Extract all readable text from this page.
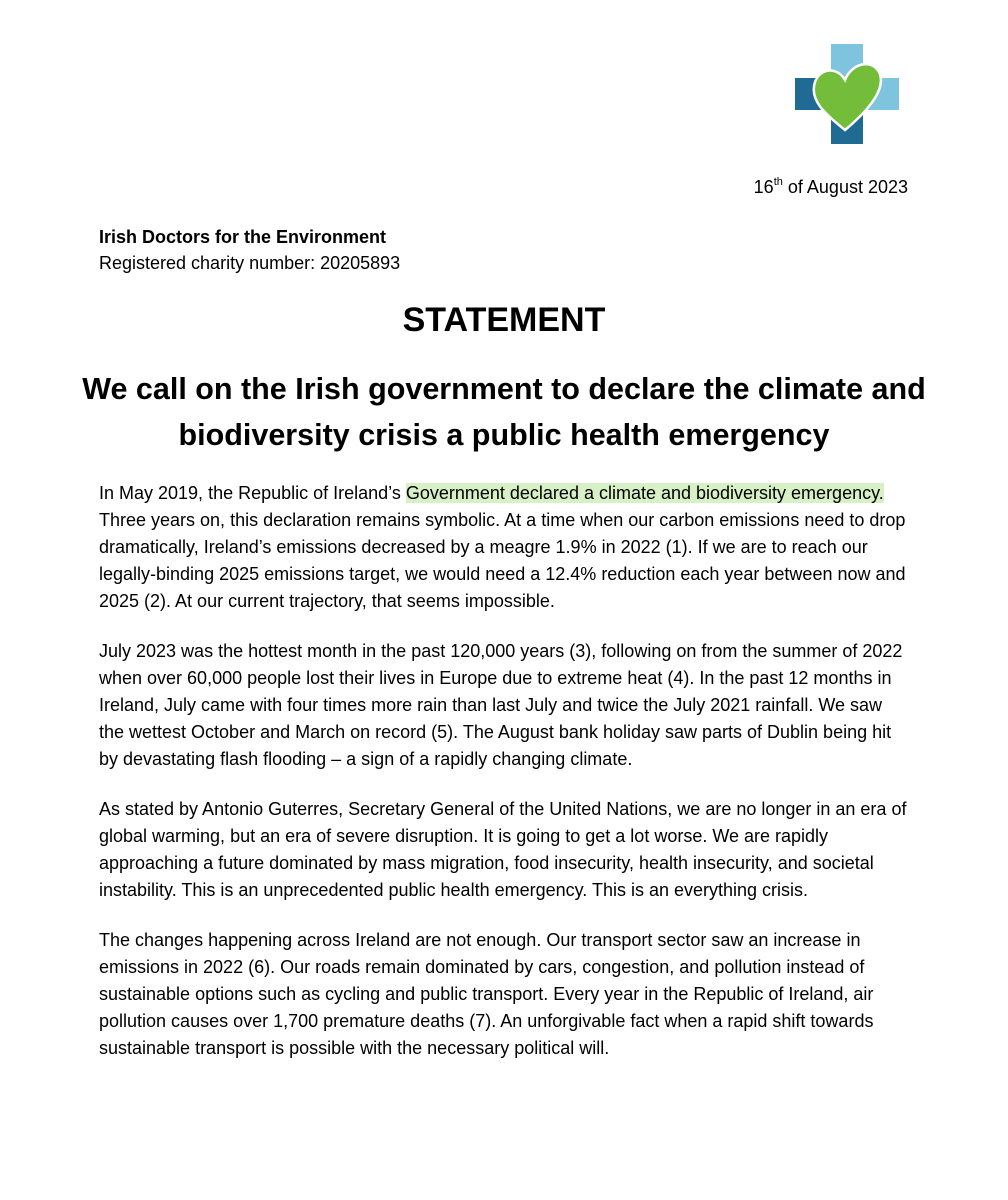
16th of August 2023
Irish Doctors for the Environment
Registered charity number: 20205893
STATEMENT
We call on the Irish government to declare the climate and biodiversity crisis a public health emergency

In May 2019, the Republic of Ireland’s Government declared a climate and biodiversity emergency. Three years on, this declaration remains symbolic. At a time when our carbon emissions need to drop dramatically, Ireland’s emissions decreased by a meagre 1.9% in 2022 (1). If we are to reach our legally-binding 2025 emissions target, we would need a 12.4% reduction each year between now and 2025 (2). At our current trajectory, that seems impossible.

July 2023 was the hottest month in the past 120,000 years (3), following on from the summer of 2022 when over 60,000 people lost their lives in Europe due to extreme heat (4). In the past 12 months in Ireland, July came with four times more rain than last July and twice the July 2021 rainfall. We saw the wettest October and March on record (5). The August bank holiday saw parts of Dublin being hit by devastating flash flooding – a sign of a rapidly changing climate.

As stated by Antonio Guterres, Secretary General of the United Nations, we are no longer in an era of global warming, but an era of severe disruption. It is going to get a lot worse. We are rapidly approaching a future dominated by mass migration, food insecurity, health insecurity, and societal instability. This is an unprecedented public health emergency. This is an everything crisis.

The changes happening across Ireland are not enough. Our transport sector saw an increase in emissions in 2022 (6). Our roads remain dominated by cars, congestion, and pollution instead of sustainable options such as cycling and public transport. Every year in the Republic of Ireland, air pollution causes over 1,700 premature deaths (7). An unforgivable fact when a rapid shift towards sustainable transport is possible with the necessary political will.
